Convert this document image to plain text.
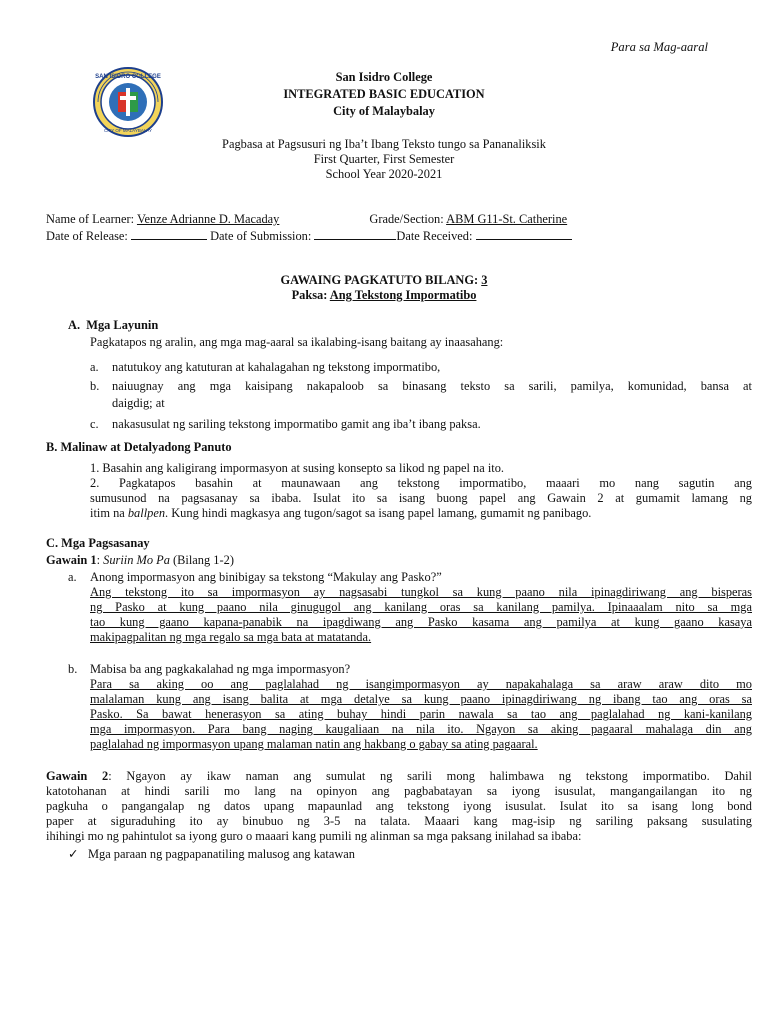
Para sa Mag-aaral
SAN ISIDRO COLLEGE
CITY OF MALAYBALAY
San Isidro College
INTEGRATED BASIC EDUCATION
City of Malaybalay
Pagbasa at Pagsusuri ng Iba’t Ibang Teksto tungo sa Pananaliksik
First Quarter, First Semester
School Year 2020-2021
Name of Learner: Venze Adrianne D. Macaday	Grade/Section: ABM G11-St. Catherine
Date of Release:	Date of Submission:	Date Received:
GAWAING PAGKATUTO BILANG: 3
Paksa: Ang Tekstong Impormatibo
A. Mga Layunin
Pagkatapos ng aralin, ang mga mag-aaral sa ikalabing-isang baitang ay inaasahang:
a.	natutukoy ang katuturan at kahalagahan ng tekstong impormatibo,
b.	naiuugnay ang mga kaisipang nakapaloob sa binasang teksto sa sarili, pamilya, komunidad, bansa at
daigdig; at
c.	nakasusulat ng sariling tekstong impormatibo gamit ang iba’t ibang paksa.
B. Malinaw at Detalyadong Panuto
1. Basahin ang kaligirang impormasyon at susing konsepto sa likod ng papel na ito.
2. Pagkatapos basahin at maunawaan ang tekstong impormatibo, maaari mo nang sagutin ang
sumusunod na pagsasanay sa ibaba. Isulat ito sa isang buong papel ang Gawain 2 at gumamit lamang ng
itim na ballpen. Kung hindi magkasya ang tugon/sagot sa isang papel lamang, gumamit ng panibago.
C. Mga Pagsasanay
Gawain 1: Suriin Mo Pa (Bilang 1-2)
a. Anong impormasyon ang binibigay sa tekstong “Makulay ang Pasko?”
Ang tekstong ito sa impormasyon ay nagsasabi tungkol sa kung paano nila ipinagdiriwang ang bisperas
ng Pasko at kung paano nila ginugugol ang kanilang oras sa kanilang pamilya. Ipinaaalam nito sa mga
tao kung gaano kapana-panabik na ipagdiwang ang Pasko kasama ang pamilya at kung gaano kasaya
makipagpalitan ng mga regalo sa mga bata at matatanda.
b. Mabisa ba ang pagkakalahad ng mga impormasyon?
Para sa aking oo ang paglalahad ng isangimpormasyon ay napakahalaga sa araw araw dito mo
malalaman kung ang isang balita at mga detalye sa kung paano ipinagdiriwang ng ibang tao ang oras sa
Pasko. Sa bawat henerasyon sa ating buhay hindi parin nawala sa tao ang paglalahad ng kani-kanilang
mga impormasyon. Para bang naging kaugaliaan na nila ito. Ngayon sa aking pagaaral mahalaga din ang
paglalahad ng impormasyon upang malaman natin ang hakbang o gabay sa ating pagaaral.
Gawain 2: Ngayon ay ikaw naman ang sumulat ng sarili mong halimbawa ng tekstong impormatibo. Dahil
katotohanan at hindi sarili mo lang na opinyon ang pagbabatayan sa iyong isusulat, mangangailangan ito ng
pagkuha o pangangalap ng datos upang mapaunlad ang tekstong iyong isusulat. Isulat ito sa isang long bond
paper at siguraduhing ito ay binubuo ng 3-5 na talata. Maaari kang mag-isip ng sariling paksang susulating
ihihingi mo ng pahintulot sa iyong guro o maaari kang pumili ng alinman sa mga paksang inilahad sa ibaba:
✓ Mga paraan ng pagpapanatiling malusog ang katawan
